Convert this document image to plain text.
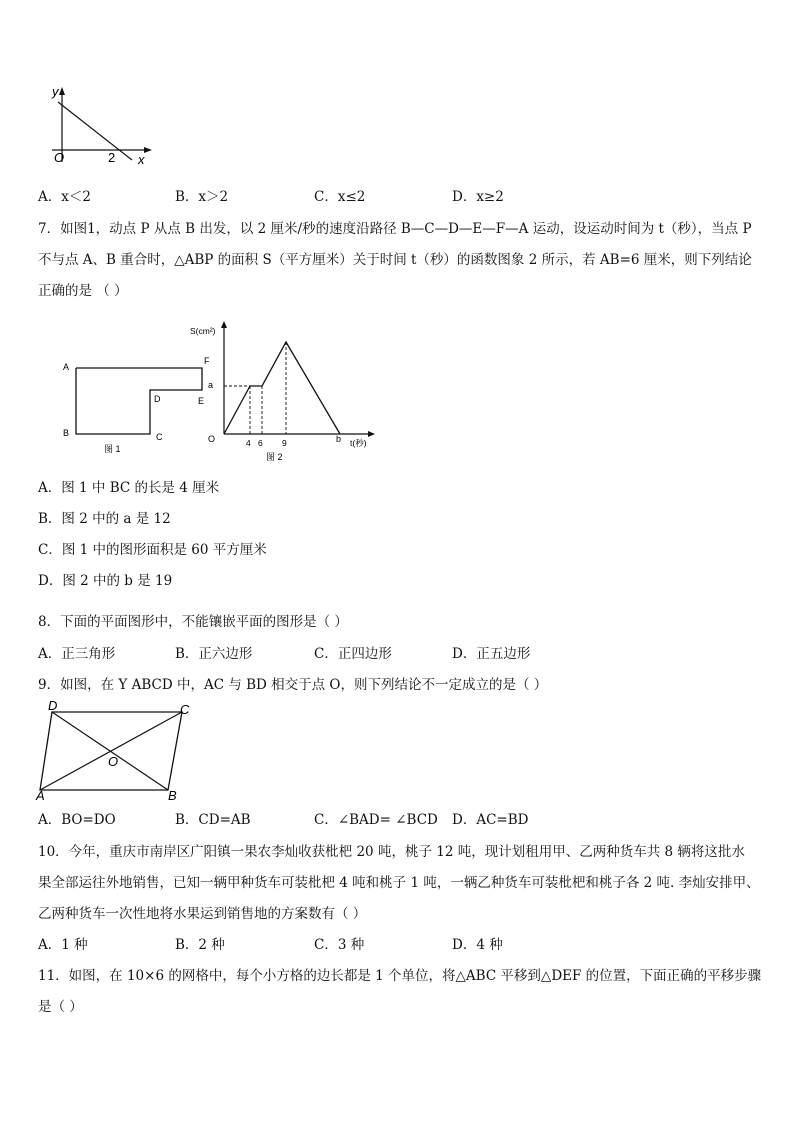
y
O	2 x
A．x＜2	B．x＞2	C．x≤2	D．x≥2
7．如图1，动点 P 从点 B 出发，以 2 厘米/秒的速度沿路径 B—C—D—E—F—A 运动，设运动时间为 t（秒），当点 P
不与点 A、B 重合时，△ABP 的面积 S（平方厘米）关于时间 t（秒）的函数图象 2 所示，若 AB=6 厘米，则下列结论
正确的是 （ ）
A
B	C
D	E
F
图 1
S(cm²)
a
O	4 6 9	b t(秒)
图 2
A．图 1 中 BC 的长是 4 厘米
B．图 2 中的 a 是 12
C．图 1 中的图形面积是 60 平方厘米
D．图 2 中的 b 是 19
8．下面的平面图形中，不能镶嵌平面的图形是（ ）
A．正三角形	B．正六边形	C．正四边形	D．正五边形
9．如图，在 Y ABCD 中，AC 与 BD 相交于点 O，则下列结论不一定成立的是（ ）
D	C
O
A	B
A．BO=DO	B．CD=AB	C．∠BAD= ∠BCD D．AC=BD
10．今年，重庆市南岸区广阳镇一果农李灿收获枇杷 20 吨，桃子 12 吨，现计划租用甲、乙两种货车共 8 辆将这批水
果全部运往外地销售，已知一辆甲种货车可装枇杷 4 吨和桃子 1 吨，一辆乙种货车可装枇杷和桃子各 2 吨. 李灿安排甲、
乙两种货车一次性地将水果运到销售地的方案数有（ ）
A．1 种	B．2 种	C．3 种	D．4 种
11．如图，在 10×6 的网格中，每个小方格的边长都是 1 个单位，将△ABC 平移到△DEF 的位置，下面正确的平移步骤
是（ ）
